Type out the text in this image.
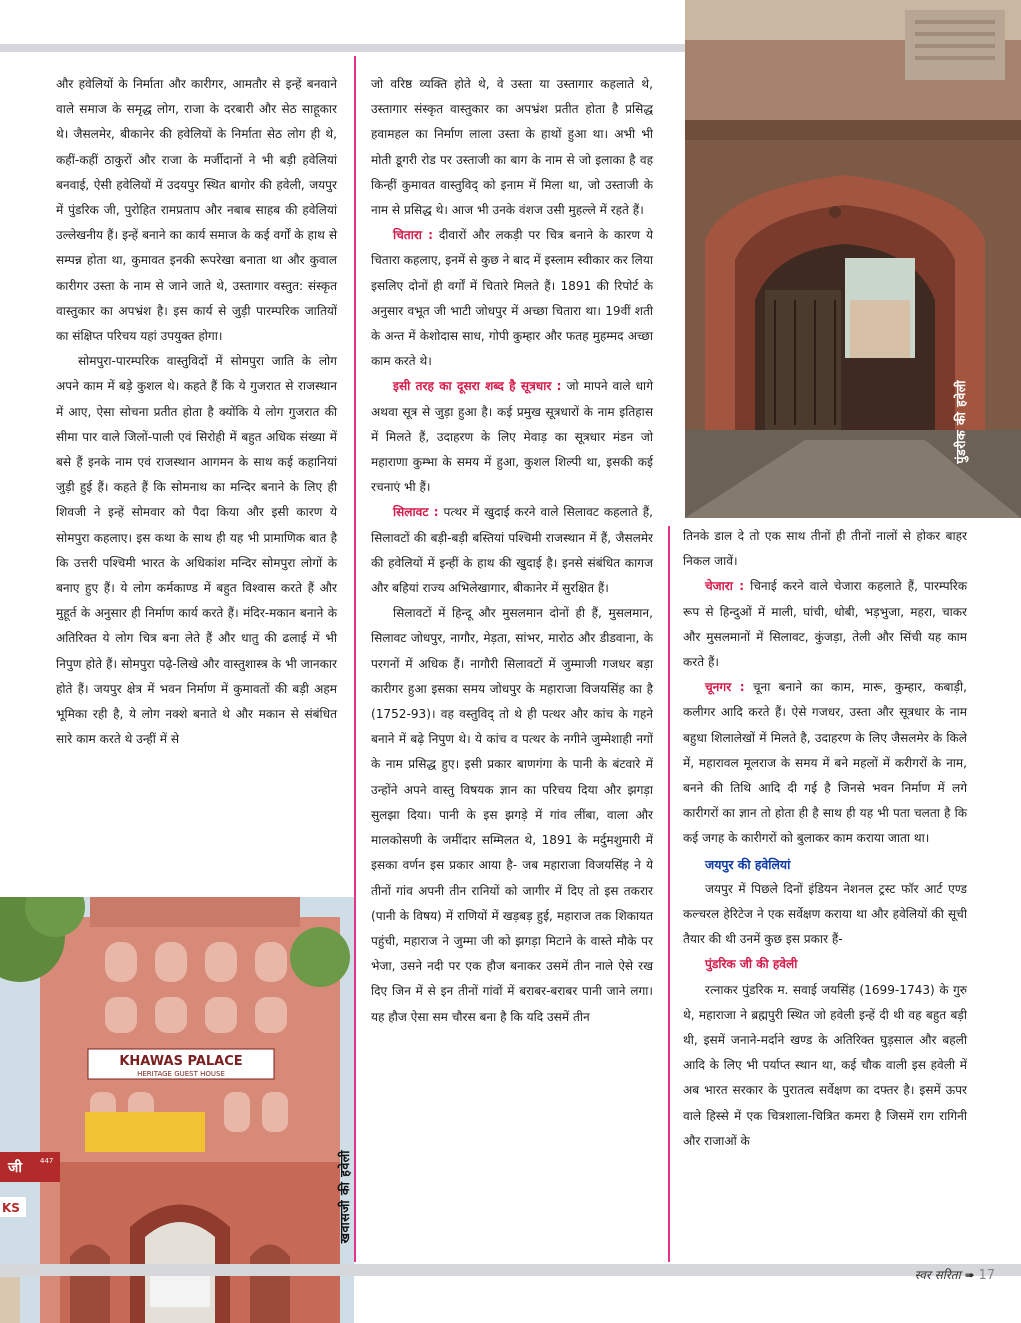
पुंडरीक की हवेली

और हवेलियों के निर्माता और कारीगर, आमतौर से इन्हें बनवाने वाले समाज के समृद्ध लोग, राजा के दरबारी और सेठ साहूकार थे। जैसलमेर, बीकानेर की हवेलियों के निर्माता सेठ लोग ही थे, कहीं-कहीं ठाकुरों और राजा के मर्जीदानों ने भी बड़ी हवेलियां बनवाई, ऐसी हवेलियों में उदयपुर स्थित बागोर की हवेली, जयपुर में पुंडरिक जी, पुरोहित रामप्रताप और नबाब साहब की हवेलियां उल्लेखनीय हैं। इन्हें बनाने का कार्य समाज के कई वर्गों के हाथ से सम्पन्न होता था, कुमावत इनकी रूपरेखा बनाता था और कुवाल कारीगर उस्ता के नाम से जाने जाते थे, उस्तागार वस्तुत: संस्कृत वास्तुकार का अपभ्रंश है। इस कार्य से जुड़ी पारम्परिक जातियों का संक्षिप्त परिचय यहां उपयुक्त होगा।

सोमपुरा-पारम्परिक वास्तुविदों में सोमपुरा जाति के लोग अपने काम में बड़े कुशल थे। कहते हैं कि ये गुजरात से राजस्थान में आए, ऐसा सोचना प्रतीत होता है क्योंकि ये लोग गुजरात की सीमा पार वाले जिलों-पाली एवं सिरोही में बहुत अधिक संख्या में बसे हैं इनके नाम एवं राजस्थान आगमन के साथ कई कहानियां जुड़ी हुई हैं। कहते हैं कि सोमनाथ का मन्दिर बनाने के लिए ही शिवजी ने इन्हें सोमवार को पैदा किया और इसी कारण ये सोमपुरा कहलाए। इस कथा के साथ ही यह भी प्रामाणिक बात है कि उत्तरी पश्चिमी भारत के अधिकांश मन्दिर सोमपुरा लोगों के बनाए हुए हैं। ये लोग कर्मकाण्ड में बहुत विश्वास करते हैं और मुहूर्त के अनुसार ही निर्माण कार्य करते हैं। मंदिर-मकान बनाने के अतिरिक्त ये लोग चित्र बना लेते हैं और धातु की ढलाई में भी निपुण होते हैं। सोमपुरा पढ़े-लिखे और वास्तुशास्त्र के भी जानकार होते हैं। जयपुर क्षेत्र में भवन निर्माण में कुमावतों की बड़ी अहम भूमिका रही है, ये लोग नक्शे बनाते थे और मकान से संबंधित सारे काम करते थे उन्हीं में से

जो वरिष्ठ व्यक्ति होते थे, वे उस्ता या उस्तागार कहलाते थे, उस्तागार संस्कृत वास्तुकार का अपभ्रंश प्रतीत होता है प्रसिद्ध हवामहल का निर्माण लाला उस्ता के हाथों हुआ था। अभी भी मोती डूगरी रोड पर उस्ताजी का बाग के नाम से जो इलाका है वह किन्हीं कुमावत वास्तुविद् को इनाम में मिला था, जो उस्ताजी के नाम से प्रसिद्ध थे। आज भी उनके वंशज उसी मुहल्ले में रहते हैं।

चितारा : दीवारों और लकड़ी पर चित्र बनाने के कारण ये चितारा कहलाए, इनमें से कुछ ने बाद में इस्लाम स्वीकार कर लिया इसलिए दोनों ही वर्गों में चितारे मिलते हैं। 1891 की रिपोर्ट के अनुसार वभूत जी भाटी जोधपुर में अच्छा चितारा था। 19वीं शती के अन्त में केशोदास साध, गोपी कुम्हार और फतह मुहम्मद अच्छा काम करते थे।

इसी तरह का दूसरा शब्द है सूत्रधार : जो मापने वाले धागे अथवा सूत्र से जुड़ा हुआ है। कई प्रमुख सूत्रधारों के नाम इतिहास में मिलते हैं, उदाहरण के लिए मेवाड़ का सूत्रधार मंडन जो महाराणा कुम्भा के समय में हुआ, कुशल शिल्पी था, इसकी कई रचनाएं भी हैं।

सिलावट : पत्थर में खुदाई करने वाले सिलावट कहलाते हैं, सिलावटों की बड़ी-बड़ी बस्तियां पश्चिमी राजस्थान में हैं, जैसलमेर की हवेलियों में इन्हीं के हाथ की खुदाई है। इनसे संबंधित कागज और बहियां राज्य अभिलेखागार, बीकानेर में सुरक्षित हैं।

सिलावटों में हिन्दू और मुसलमान दोनों ही हैं, मुसलमान, सिलावट जोधपुर, नागौर, मेड़ता, सांभर, मारोठ और डीडवाना, के परगनों में अधिक हैं। नागौरी सिलावटों में जुम्माजी गजधर बड़ा कारीगर हुआ इसका समय जोधपुर के महाराजा विजयसिंह का है (1752-93)। वह वस्तुविद् तो थे ही पत्थर और कांच के गहने बनाने में बढ़े निपुण थे। ये कांच व पत्थर के नगीने जुम्मेशाही नगों के नाम प्रसिद्ध हुए। इसी प्रकार बाणगंगा के पानी के बंटवारे में उन्होंने अपने वास्तु विषयक ज्ञान का परिचय दिया और झगड़ा सुलझा दिया। पानी के इस झगड़े में गांव लींबा, वाला और मालकोसणी के जमींदार सम्मिलत थे, 1891 के मर्दुमशुमारी में इसका वर्णन इस प्रकार आया है- जब महाराजा विजयसिंह ने ये तीनों गांव अपनी तीन रानियों को जागीर में दिए तो इस तकरार (पानी के विषय) में राणियों में खड़बड़ हुई, महाराज तक शिकायत पहुंची, महाराज ने जुम्मा जी को झगड़ा मिटाने के वास्ते मौके पर भेजा, उसने नदी पर एक हौज बनाकर उसमें तीन नाले ऐसे रख दिए जिन में से इन तीनों गांवों में बराबर-बराबर पानी जाने लगा। यह हौज ऐसा सम चौरस बना है कि यदि उसमें तीन

तिनके डाल दे तो एक साथ तीनों ही तीनों नालों से होकर बाहर निकल जावें।

चेजारा : चिनाई करने वाले चेजारा कहलाते हैं, पारम्परिक रूप से हिन्दुओं में माली, घांची, धोबी, भड़भुजा, महरा, चाकर और मुसलमानों में सिलावट, कुंजड़ा, तेली और सिंची यह काम करते हैं।

चूनगर : चूना बनाने का काम, मारू, कुम्हार, कबाड़ी, कलीगर आदि करते हैं। ऐसे गजधर, उस्ता और सूत्रधार के नाम बहुधा शिलालेखों में मिलते है, उदाहरण के लिए जैसलमेर के किले में, महारावल मूलराज के समय में बने महलों में करीगरों के नाम, बनने की तिथि आदि दी गई है जिनसे भवन निर्माण में लगे कारीगरों का ज्ञान तो होता ही है साथ ही यह भी पता चलता है कि कई जगह के कारीगरों को बुलाकर काम कराया जाता था।

जयपुर की हवेलियां

जयपुर में पिछले दिनों इंडियन नेशनल ट्रस्ट फॉर आर्ट एण्ड कल्चरल हेरिटेज ने एक सर्वेक्षण कराया था और हवेलियों की सूची तैयार की थी उनमें कुछ इस प्रकार हैं-

पुंडरिक जी की हवेली

रत्नाकर पुंडरिक म. सवाई जयसिंह (1699-1743) के गुरु थे, महाराजा ने ब्रह्मपुरी स्थित जो हवेली इन्हें दी थी वह बहुत बड़ी थी, इसमें जनाने-मर्दाने खण्ड के अतिरिक्त घुड़साल और बहली आदि के लिए भी पर्याप्त स्थान था, कई चौक वाली इस हवेली में अब भारत सरकार के पुरातत्व सर्वेक्षण का दफ्तर है। इसमें ऊपर वाले हिस्से में एक चित्रशाला-चित्रित कमरा है जिसमें राग रागिनी और राजाओं के

KHAWAS PALACE
HERITAGE GUEST HOUSE
जी	447
KS	खवासजी की हवेली
स्वर सरिता ➠ 17
